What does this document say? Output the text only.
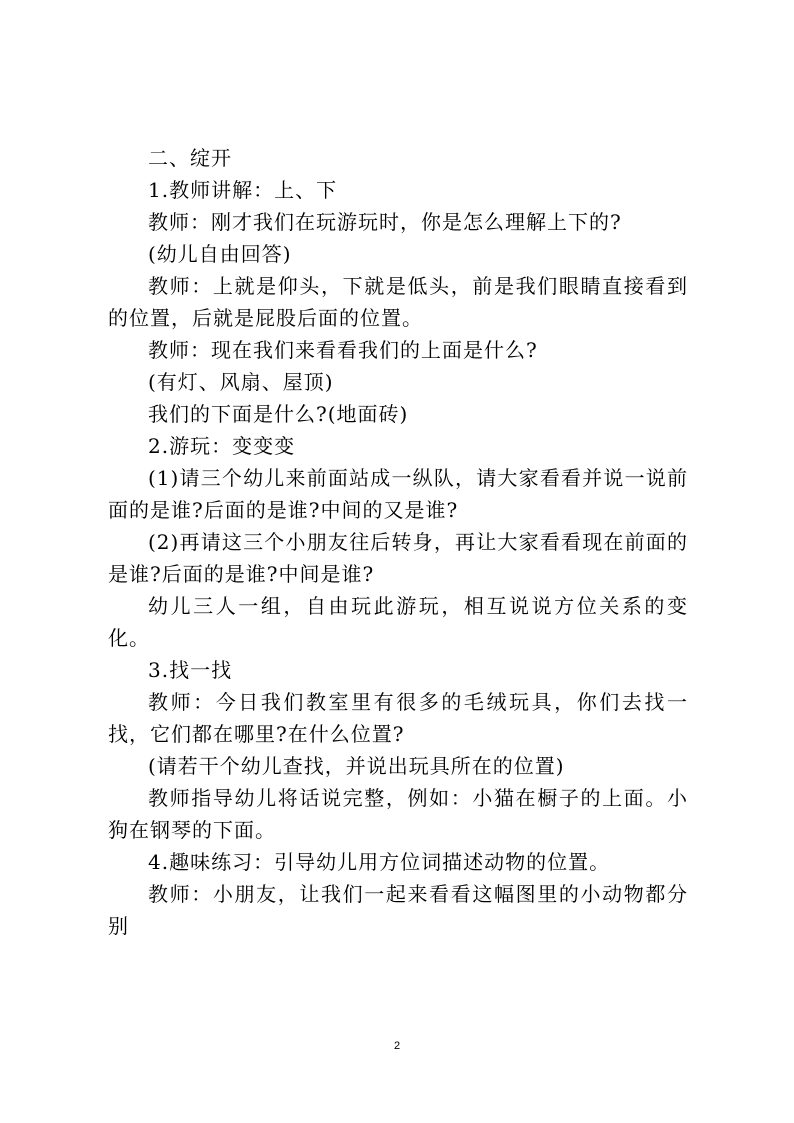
二、绽开

1.教师讲解：上、下

教师：刚才我们在玩游玩时，你是怎么理解上下的?

(幼儿自由回答)

教师：上就是仰头，下就是低头，前是我们眼睛直接看到的位置，后就是屁股后面的位置。

教师：现在我们来看看我们的上面是什么?

(有灯、风扇、屋顶)

我们的下面是什么?(地面砖)

2.游玩：变变变

(1)请三个幼儿来前面站成一纵队，请大家看看并说一说前面的是谁?后面的是谁?中间的又是谁?

(2)再请这三个小朋友往后转身，再让大家看看现在前面的是谁?后面的是谁?中间是谁?

幼儿三人一组，自由玩此游玩，相互说说方位关系的变化。

3.找一找

教师：今日我们教室里有很多的毛绒玩具，你们去找一找，它们都在哪里?在什么位置?

(请若干个幼儿查找，并说出玩具所在的位置)

教师指导幼儿将话说完整，例如：小猫在橱子的上面。小狗在钢琴的下面。

4.趣味练习：引导幼儿用方位词描述动物的位置。

教师：小朋友，让我们一起来看看这幅图里的小动物都分别

2
